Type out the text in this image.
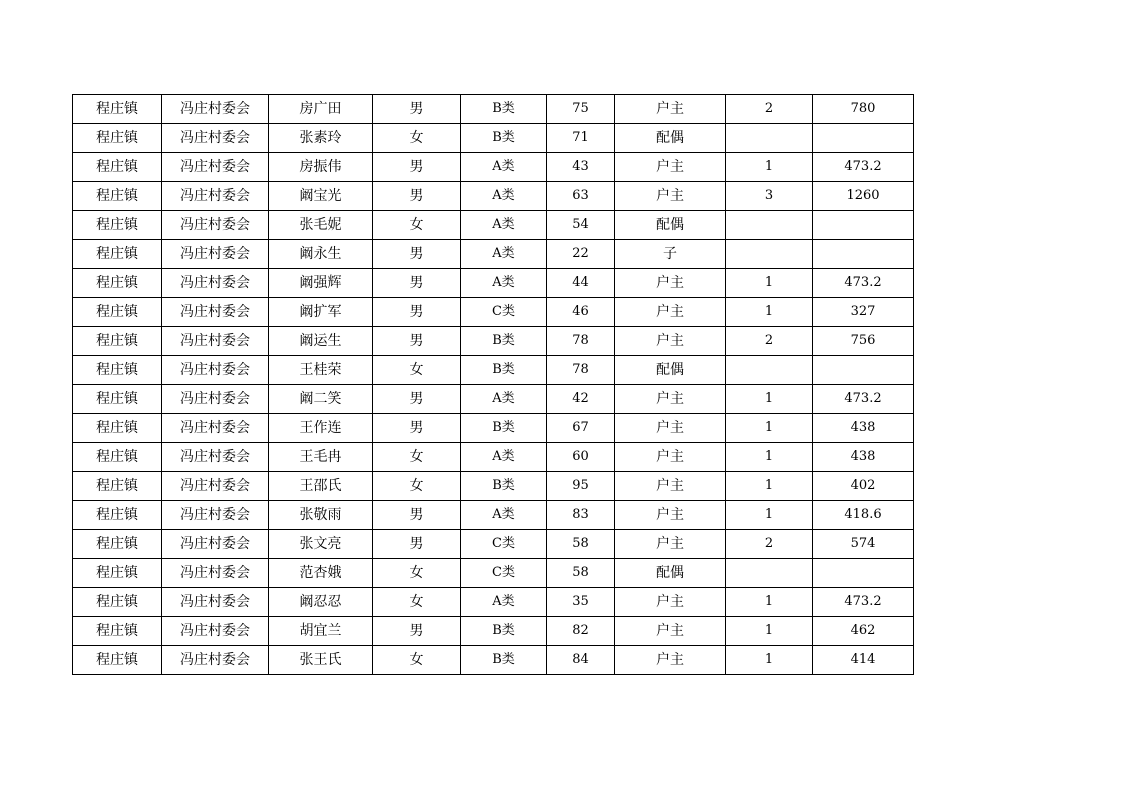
程庄镇	冯庄村委会	房广田	男	B类	75	户主	2	780
程庄镇	冯庄村委会	张素玲	女	B类	71	配偶		
程庄镇	冯庄村委会	房振伟	男	A类	43	户主	1	473.2
程庄镇	冯庄村委会	阚宝光	男	A类	63	户主	3	1260
程庄镇	冯庄村委会	张毛妮	女	A类	54	配偶		
程庄镇	冯庄村委会	阚永生	男	A类	22	子		
程庄镇	冯庄村委会	阚强辉	男	A类	44	户主	1	473.2
程庄镇	冯庄村委会	阚扩军	男	C类	46	户主	1	327
程庄镇	冯庄村委会	阚运生	男	B类	78	户主	2	756
程庄镇	冯庄村委会	王桂荣	女	B类	78	配偶		
程庄镇	冯庄村委会	阚二笑	男	A类	42	户主	1	473.2
程庄镇	冯庄村委会	王作连	男	B类	67	户主	1	438
程庄镇	冯庄村委会	王毛冉	女	A类	60	户主	1	438
程庄镇	冯庄村委会	王邵氏	女	B类	95	户主	1	402
程庄镇	冯庄村委会	张敬雨	男	A类	83	户主	1	418.6
程庄镇	冯庄村委会	张文亮	男	C类	58	户主	2	574
程庄镇	冯庄村委会	范杏娥	女	C类	58	配偶		
程庄镇	冯庄村委会	阚忍忍	女	A类	35	户主	1	473.2
程庄镇	冯庄村委会	胡宜兰	男	B类	82	户主	1	462
程庄镇	冯庄村委会	张王氏	女	B类	84	户主	1	414
